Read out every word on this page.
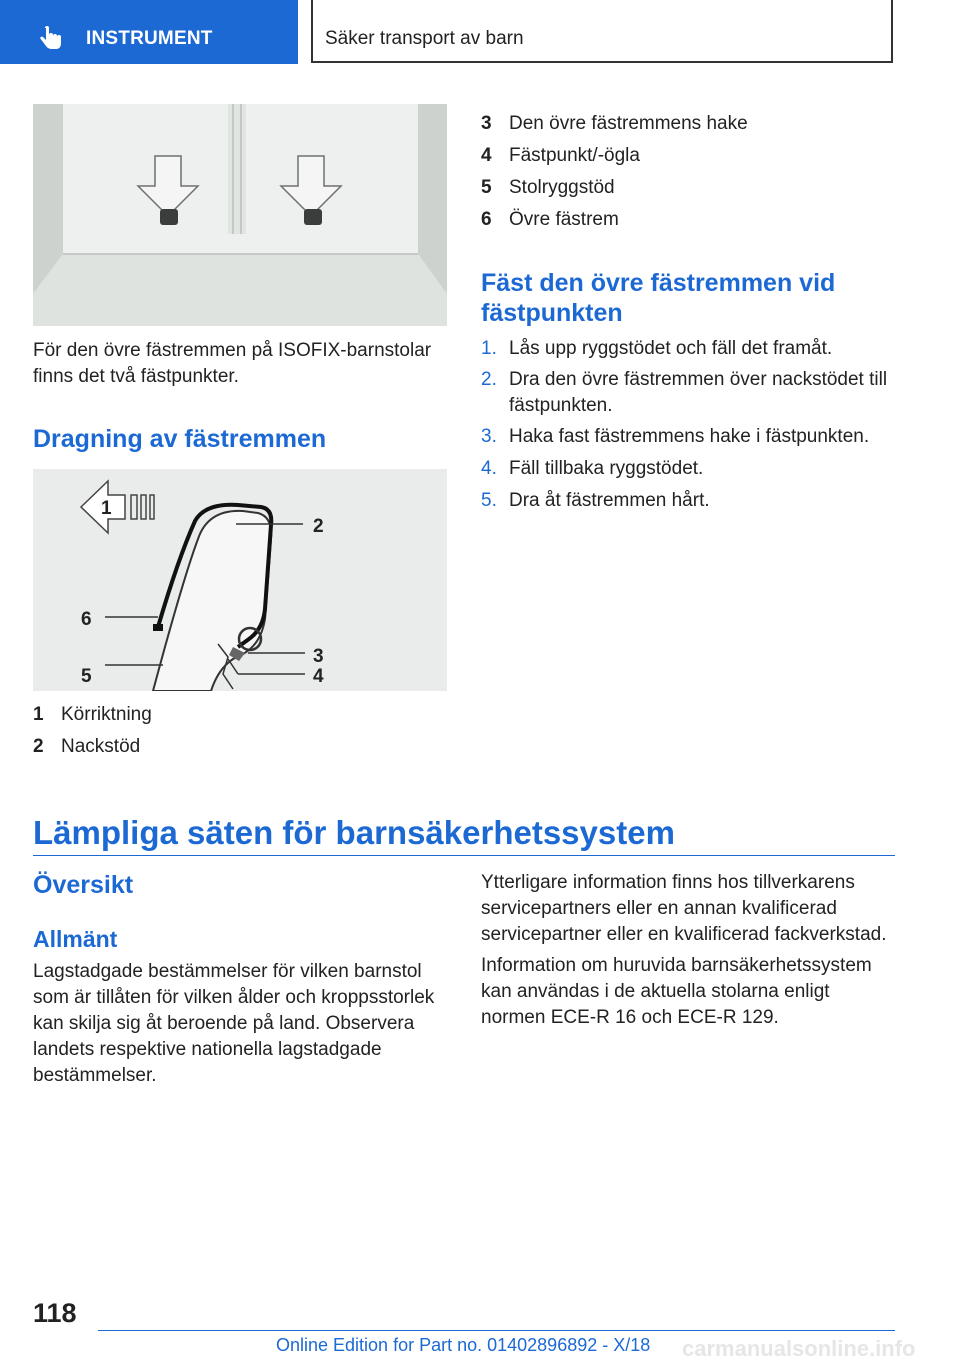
INSTRUMENT	Säker transport av barn
För den övre fästremmen på ISOFIX-barnstolar finns det två fästpunkter.
Dragning av fästremmen
1
2
3
4
5
6
1 Körriktning
2 Nackstöd
3 Den övre fästremmens hake
4 Fästpunkt/-ögla
5 Stolryggstöd
6 Övre fästrem
Fäst den övre fästremmen vid fästpunkten
1. Lås upp ryggstödet och fäll det framåt.
2. Dra den övre fästremmen över nackstödet till fästpunkten.
3. Haka fast fästremmens hake i fästpunkten.
4. Fäll tillbaka ryggstödet.
5. Dra åt fästremmen hårt.
Lämpliga säten för barnsäkerhetssystem
Översikt
Allmänt
Lagstadgade bestämmelser för vilken barnstol som är tillåten för vilken ålder och kroppsstorlek kan skilja sig åt beroende på land. Observera landets respektive nationella lagstadgade bestämmelser.
Ytterligare information finns hos tillverkarens servicepartners eller en annan kvalificerad servicepartner eller en kvalificerad fackverkstad.
Information om huruvida barnsäkerhetssystem kan användas i de aktuella stolarna enligt normen ECE-R 16 och ECE-R 129.
118
Online Edition for Part no. 01402896892 - X/18 carmanualsonline.info
